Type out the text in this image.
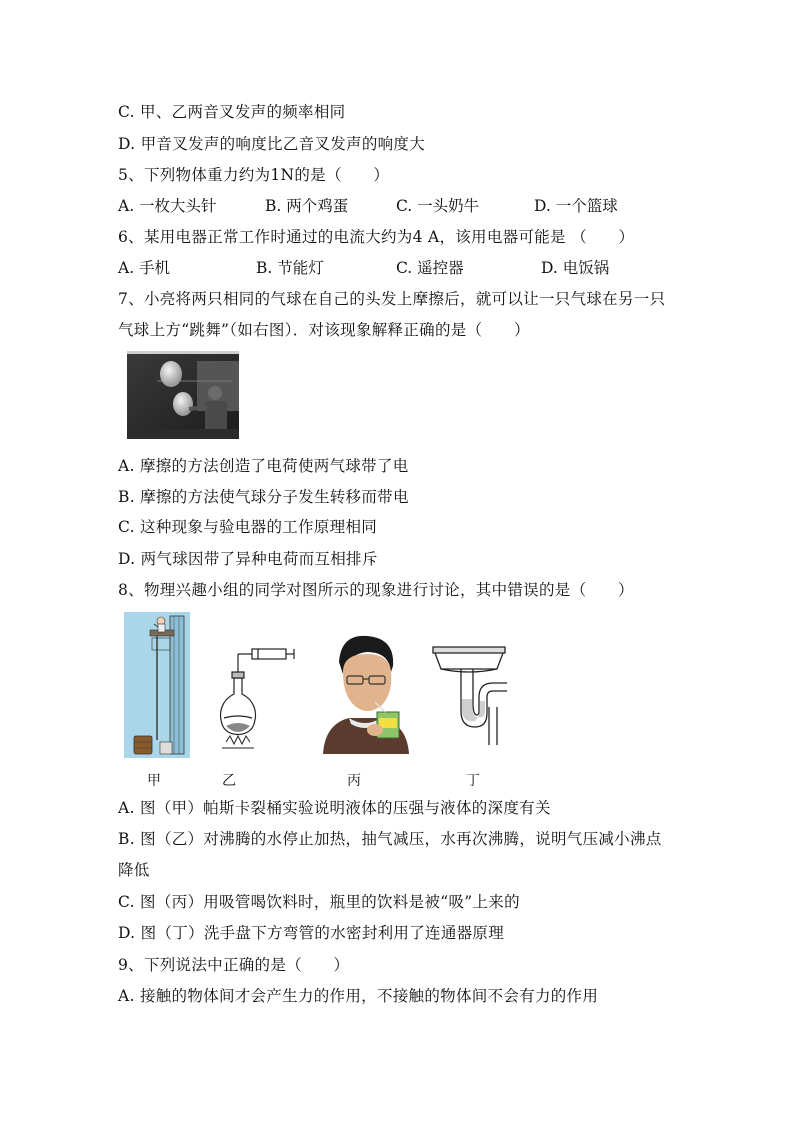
C. 甲、乙两音叉发声的频率相同
D. 甲音叉发声的响度比乙音叉发声的响度大
5、下列物体重力约为1N的是（　　）
A. 一枚大头针	B. 两个鸡蛋	C. 一头奶牛	D. 一个篮球
6、某用电器正常工作时通过的电流大约为4 A，该用电器可能是 （　　）
A. 手机	B. 节能灯	C. 遥控器	D. 电饭锅
7、小亮将两只相同的气球在自己的头发上摩擦后，就可以让一只气球在另一只
气球上方“跳舞”（如右图）．对该现象解释正确的是（　　）
A. 摩擦的方法创造了电荷使两气球带了电
B. 摩擦的方法使气球分子发生转移而带电
C. 这种现象与验电器的工作原理相同
D. 两气球因带了异种电荷而互相排斥
8、物理兴趣小组的同学对图所示的现象进行讨论，其中错误的是（　　）
甲	乙	丙	丁
A. 图（甲）帕斯卡裂桶实验说明液体的压强与液体的深度有关
B. 图（乙）对沸腾的水停止加热，抽气减压，水再次沸腾，说明气压减小沸点
降低
C. 图（丙）用吸管喝饮料时，瓶里的饮料是被“吸”上来的
D. 图（丁）洗手盘下方弯管的水密封利用了连通器原理
9、下列说法中正确的是（　　）
A. 接触的物体间才会产生力的作用，不接触的物体间不会有力的作用
